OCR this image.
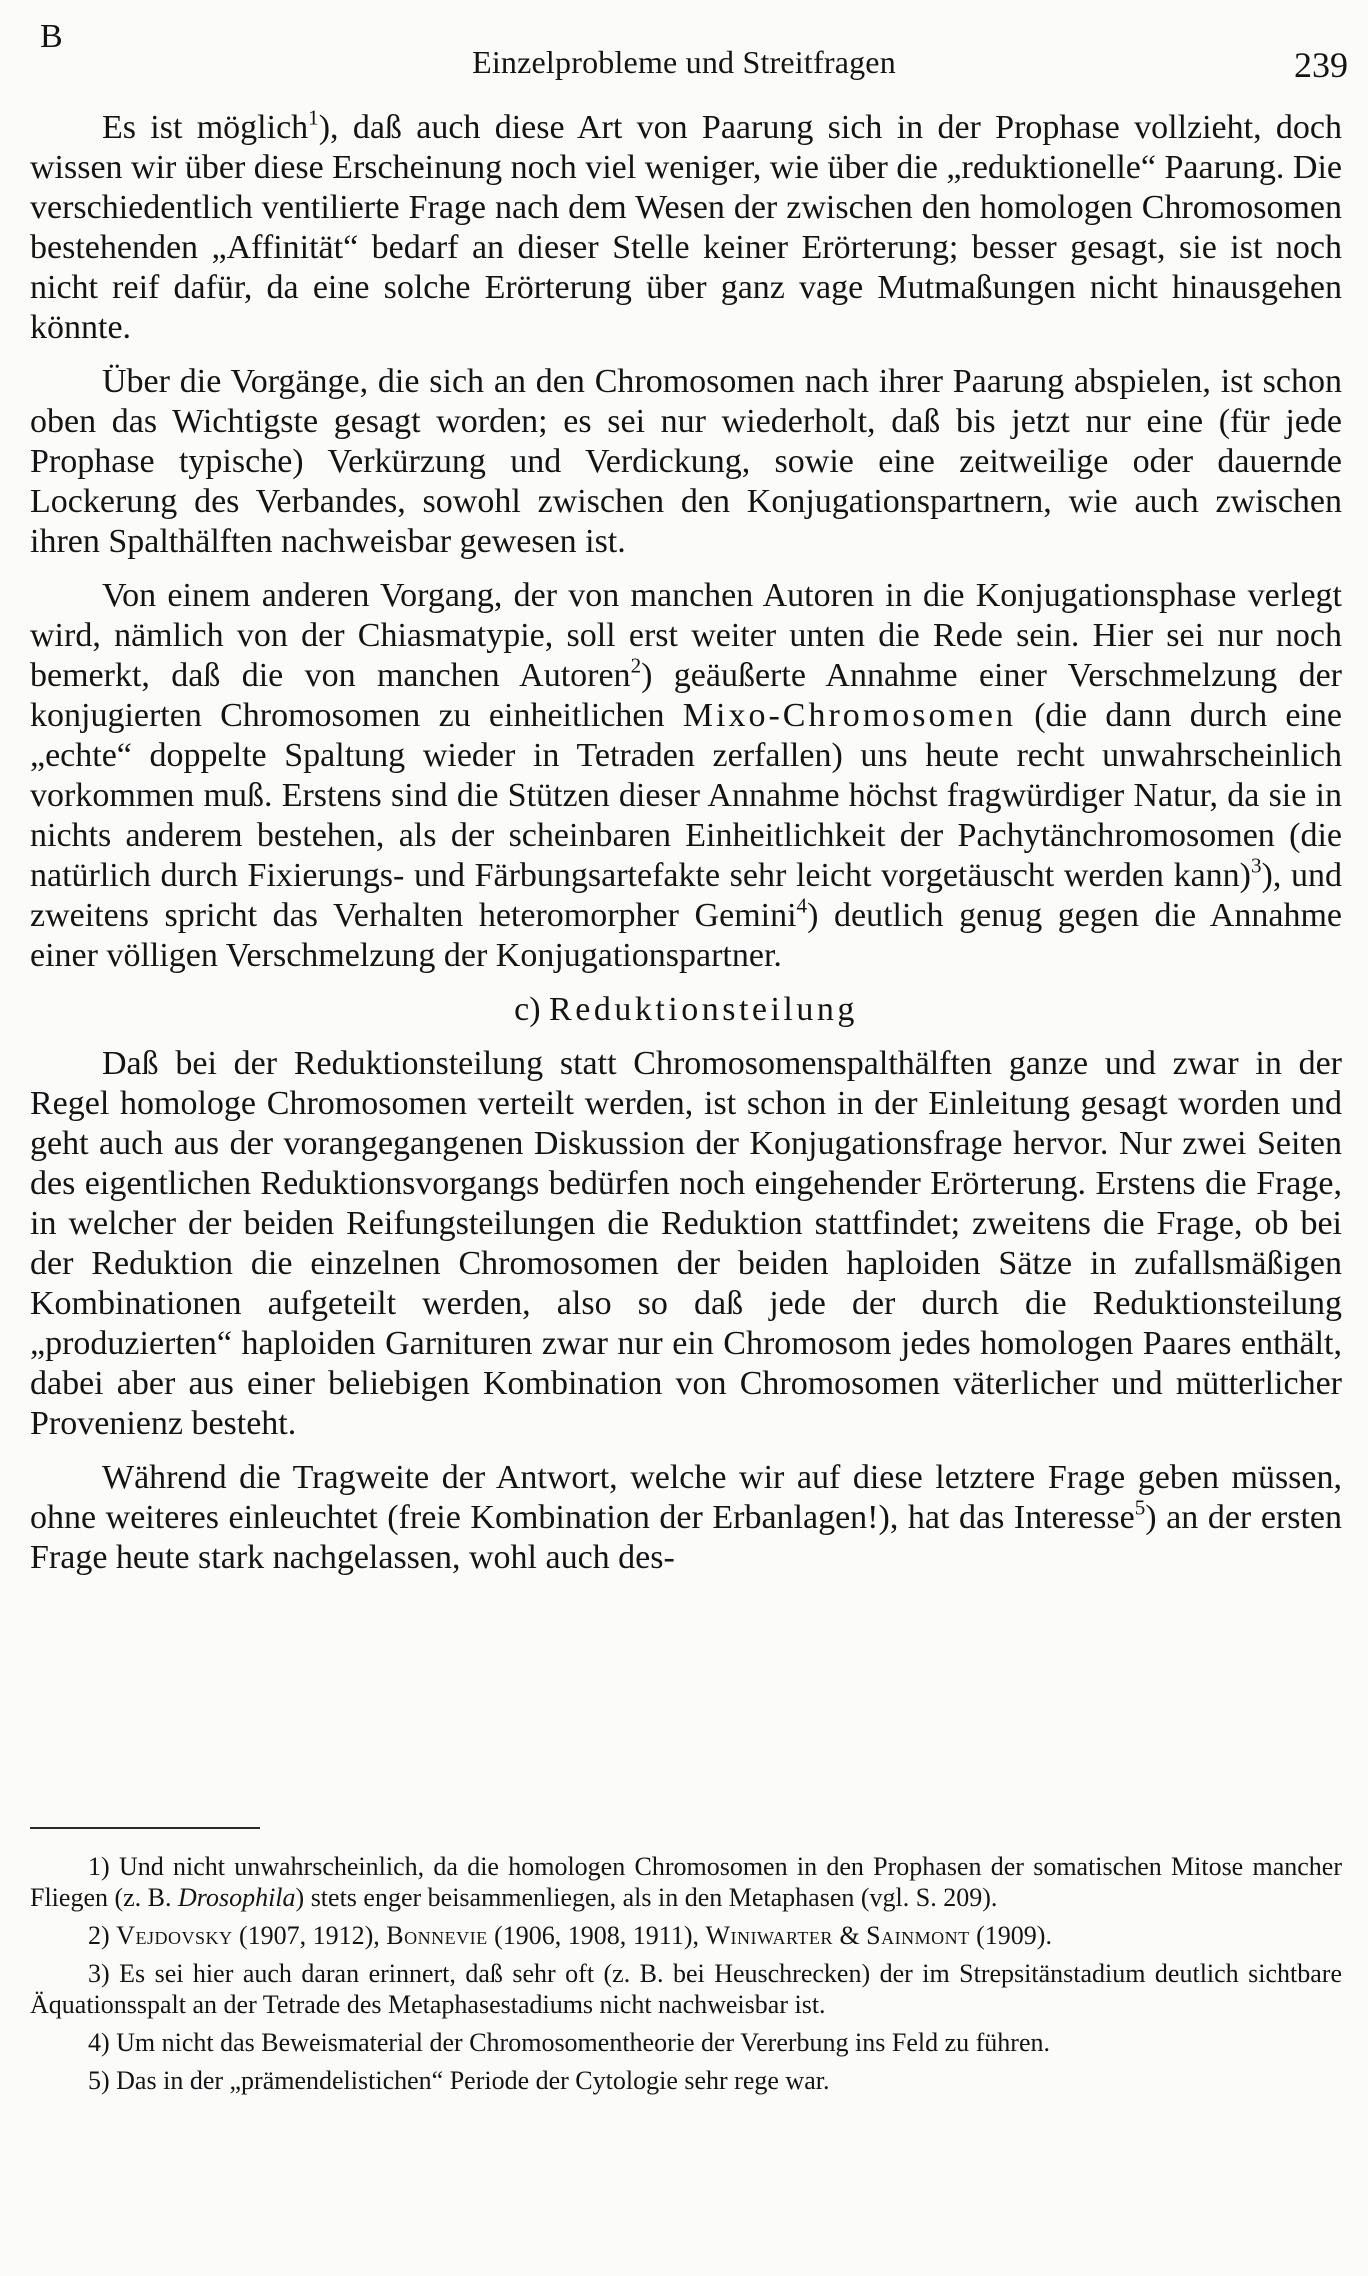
B
Einzelprobleme und Streitfragen	239

Es ist möglich$^1$), daß auch diese Art von Paarung sich in der Prophase vollzieht, doch wissen wir über diese Erscheinung noch viel weniger, wie über die „reduktionelle“ Paarung. Die verschiedentlich ventilierte Frage nach dem Wesen der zwischen den homologen Chromosomen bestehenden „Affinität“ bedarf an dieser Stelle keiner Erörterung; besser gesagt, sie ist noch nicht reif dafür, da eine solche Erörterung über ganz vage Mutmaßungen nicht hinausgehen könnte.

Über die Vorgänge, die sich an den Chromosomen nach ihrer Paarung abspielen, ist schon oben das Wichtigste gesagt worden; es sei nur wiederholt, daß bis jetzt nur eine (für jede Prophase typische) Verkürzung und Verdickung, sowie eine zeitweilige oder dauernde Lockerung des Verbandes, sowohl zwischen den Konjugationspartnern, wie auch zwischen ihren Spalthälften nachweisbar gewesen ist.

Von einem anderen Vorgang, der von manchen Autoren in die Konjugationsphase verlegt wird, nämlich von der Chiasmatypie, soll erst weiter unten die Rede sein. Hier sei nur noch bemerkt, daß die von manchen Autoren$^2$) geäußerte Annahme einer Verschmelzung der konjugierten Chromosomen zu einheitlichen Mixo-Chromosomen (die dann durch eine „echte“ doppelte Spaltung wieder in Tetraden zerfallen) uns heute recht unwahrscheinlich vorkommen muß. Erstens sind die Stützen dieser Annahme höchst fragwürdiger Natur, da sie in nichts anderem bestehen, als der scheinbaren Einheitlichkeit der Pachytänchromosomen (die natürlich durch Fixierungs- und Färbungsartefakte sehr leicht vorgetäuscht werden kann)$^3$), und zweitens spricht das Verhalten heteromorpher Gemini$^4$) deutlich genug gegen die Annahme einer völligen Verschmelzung der Konjugationspartner.

c) Reduktionsteilung

Daß bei der Reduktionsteilung statt Chromosomenspalthälften ganze und zwar in der Regel homologe Chromosomen verteilt werden, ist schon in der Einleitung gesagt worden und geht auch aus der vorangegangenen Diskussion der Konjugationsfrage hervor. Nur zwei Seiten des eigentlichen Reduktionsvorgangs bedürfen noch eingehender Erörterung. Erstens die Frage, in welcher der beiden Reifungsteilungen die Reduktion stattfindet; zweitens die Frage, ob bei der Reduktion die einzelnen Chromosomen der beiden haploiden Sätze in zufallsmäßigen Kombinationen aufgeteilt werden, also so daß jede der durch die Reduktionsteilung „produzierten“ haploiden Garnituren zwar nur ein Chromosom jedes homologen Paares enthält, dabei aber aus einer beliebigen Kombination von Chromosomen väterlicher und mütterlicher Provenienz besteht.

Während die Tragweite der Antwort, welche wir auf diese letztere Frage geben müssen, ohne weiteres einleuchtet (freie Kombination der Erbanlagen!), hat das Interesse$^5$) an der ersten Frage heute stark nachgelassen, wohl auch des-

1) Und nicht unwahrscheinlich, da die homologen Chromosomen in den Prophasen der somatischen Mitose mancher Fliegen (z. B. Drosophila) stets enger beisammenliegen, als in den Metaphasen (vgl. S. 209).

2) Vejdovsky (1907, 1912), Bonnevie (1906, 1908, 1911), Winiwarter & Sainmont (1909).

3) Es sei hier auch daran erinnert, daß sehr oft (z. B. bei Heuschrecken) der im Strepsitänstadium deutlich sichtbare Äquationsspalt an der Tetrade des Metaphasestadiums nicht nachweisbar ist.

4) Um nicht das Beweismaterial der Chromosomentheorie der Vererbung ins Feld zu führen.

5) Das in der „prämendelistichen“ Periode der Cytologie sehr rege war.
